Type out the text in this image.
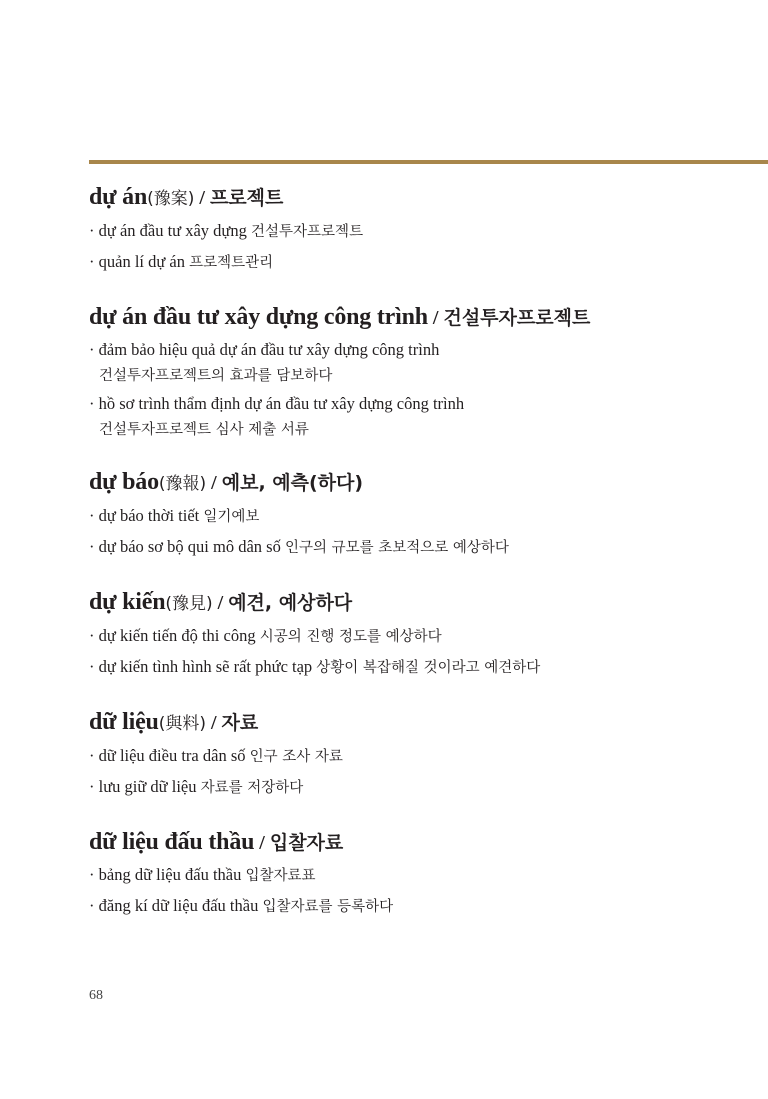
dự án(豫案) / 프로젝트
· dự án đầu tư xây dựng 건설투자프로젝트
· quản lí dự án 프로젝트관리
dự án đầu tư xây dựng công trình / 건설투자프로젝트
· đảm bảo hiệu quả dự án đầu tư xây dựng công trình
건설투자프로젝트의 효과를 담보하다
· hồ sơ trình thẩm định dự án đầu tư xây dựng công trình
건설투자프로젝트 심사 제출 서류
dự báo(豫報) / 예보, 예측(하다)
· dự báo thời tiết 일기예보
· dự báo sơ bộ qui mô dân số 인구의 규모를 초보적으로 예상하다
dự kiến(豫見) / 예견, 예상하다
· dự kiến tiến độ thi công 시공의 진행 정도를 예상하다
· dự kiến tình hình sẽ rất phức tạp 상황이 복잡해질 것이라고 예견하다
dữ liệu(與料) / 자료
· dữ liệu điều tra dân số 인구 조사 자료
· lưu giữ dữ liệu 자료를 저장하다
dữ liệu đấu thầu / 입찰자료
· bảng dữ liệu đấu thầu 입찰자료표
· đăng kí dữ liệu đấu thầu 입찰자료를 등록하다
68
